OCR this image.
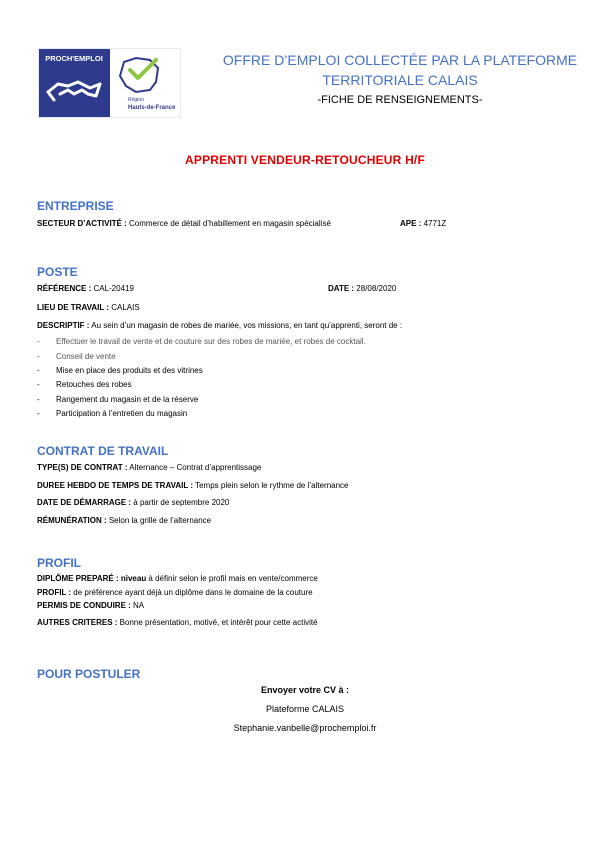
PROCH'EMPLOI
Région
Hauts-de-France
OFFRE D’EMPLOI COLLECTÉE PAR LA PLATEFORME
TERRITORIALE CALAIS
-FICHE DE RENSEIGNEMENTS-
APPRENTI VENDEUR-RETOUCHEUR H/F
ENTREPRISE
SECTEUR D’ACTIVITÉ : Commerce de détail d’habillement en magasin spécialisé	APE : 4771Z
POSTE
RÉFÉRENCE : CAL-20419	DATE : 28/08/2020
LIEU DE TRAVAIL : CALAIS
DESCRIPTIF : Au sein d’un magasin de robes de mariée, vos missions, en tant qu’apprenti, seront de :
- Effectuer le travail de vente et de couture sur des robes de mariée, et robes de cocktail.
- Conseil de vente
- Mise en place des produits et des vitrines
- Retouches des robes
- Rangement du magasin et de la réserve
- Participation à l’entretien du magasin
CONTRAT DE TRAVAIL
TYPE(S) DE CONTRAT : Alternance – Contrat d’apprentissage
DUREE HEBDO DE TEMPS DE TRAVAIL : Temps plein selon le rythme de l’alternance
DATE DE DÉMARRAGE : à partir de septembre 2020
RÉMUNÉRATION : Selon la grille de l’alternance
PROFIL
DIPLÔME PREPARÉ : niveau à définir selon le profil mais en vente/commerce
PROFIL : de préférence ayant déjà un diplôme dans le domaine de la couture
PERMIS DE CONDUIRE : NA
AUTRES CRITERES : Bonne présentation, motivé, et intérêt pour cette activité
POUR POSTULER
Envoyer votre CV à :
Plateforme CALAIS
Stephanie.vanbelle@prochemploi.fr
